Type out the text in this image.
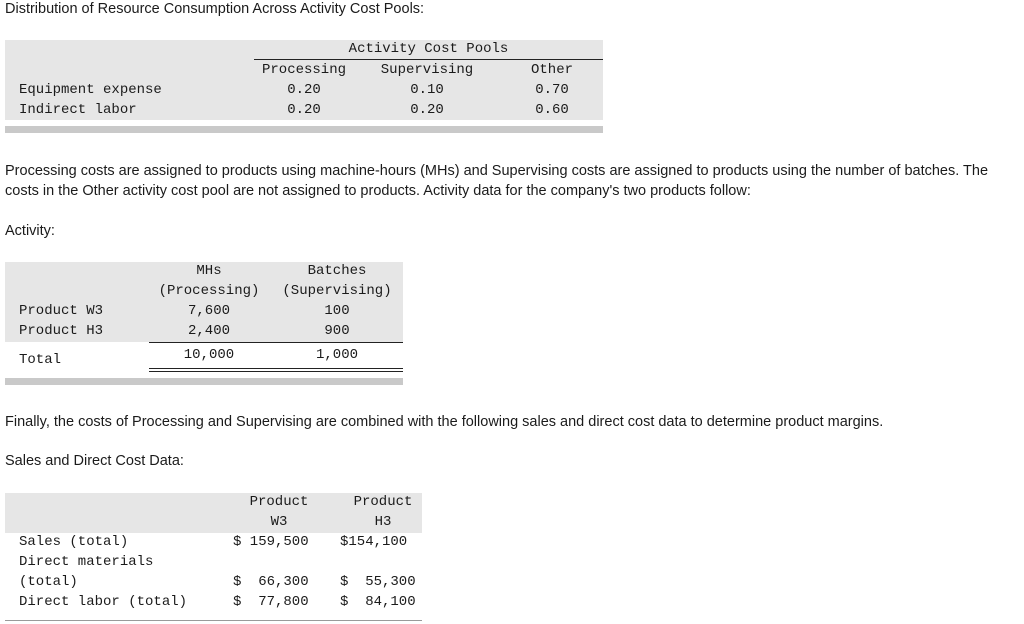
Distribution of Resource Consumption Across Activity Cost Pools:
Activity Cost Pools
Processing	Supervising	Other
Equipment expense	0.20	0.10	0.70
Indirect labor	0.20	0.20	0.60
Processing costs are assigned to products using machine-hours (MHs) and Supervising costs are assigned to products using the number of batches. The costs in the Other activity cost pool are not assigned to products. Activity data for the company's two products follow:
Activity:
MHs
(Processing)
Batches
(Supervising)
Product W3	7,600	100
Product H3	2,400	900
Total	10,000	1,000
Finally, the costs of Processing and Supervising are combined with the following sales and direct cost data to determine product margins.
Sales and Direct Cost Data:
Product
W3
Product
H3
Sales (total)	$ 159,500 $154,100
Direct materials
(total)	$  66,300 $  55,300
Direct labor (total)	$  77,800 $  84,100
